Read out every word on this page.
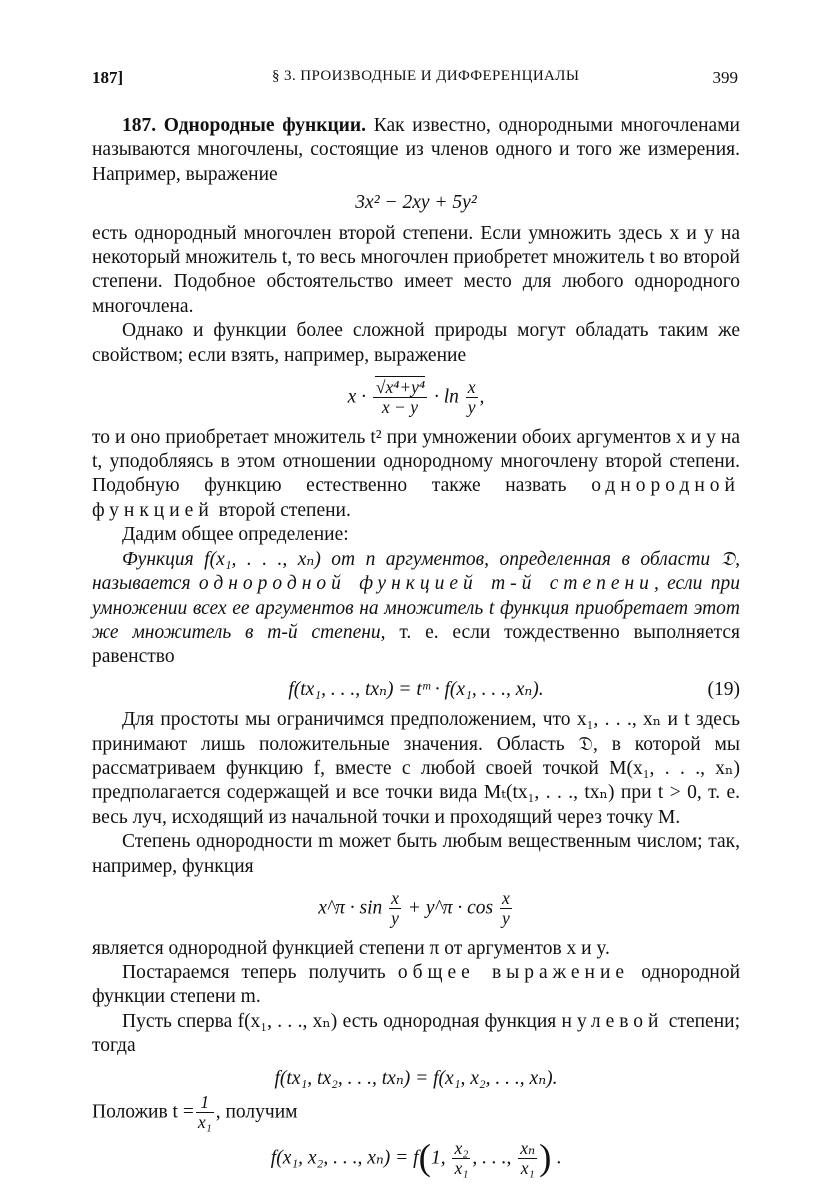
187]	§ 3. ПРОИЗВОДНЫЕ И ДИФФЕРЕНЦИАЛЫ	399

187. Однородные функции. Как известно, однородными многочленами называются многочлены, состоящие из членов одного и того же измерения. Например, выражение

3x² − 2xy + 5y²

есть однородный многочлен второй степени. Если умножить здесь x и y на некоторый множитель t, то весь многочлен приобретет множитель t во второй степени. Подобное обстоятельство имеет место для любого однородного многочлена.

Однако и функции более сложной природы могут обладать таким же свойством; если взять, например, выражение

$x \cdot \frac{\text{√x⁴+y⁴}}{x - y} \cdot \ln \frac{x}{y}$ ,

то и оно приобретает множитель t² при умножении обоих аргументов x и y на t, уподобляясь в этом отношении однородному многочлену второй степени. Подобную функцию естественно также назвать однородной функцией второй степени.

Дадим общее определение:

Функция f(x₁, . . ., xₙ) от n аргументов, определенная в области 𝔇, называется однородной функцией m-й степени, если при умножении всех ее аргументов на множитель t функция приобретает этот же множитель в m-й степени, т. е. если тождественно выполняется равенство

f(tx₁, . . ., txₙ) = tᵐ · f(x₁, . . ., xₙ).	(19)

Для простоты мы ограничимся предположением, что x₁, . . ., xₙ и t здесь принимают лишь положительные значения. Область 𝔇, в которой мы рассматриваем функцию f, вместе с любой своей точкой M(x₁, . . ., xₙ) предполагается содержащей и все точки вида Mₜ(tx₁, . . ., txₙ) при t > 0, т. е. весь луч, исходящий из начальной точки и проходящий через точку M.

Степень однородности m может быть любым вещественным числом; так, например, функция

x^π · $\sin \frac{x}{y}$ + y^π · $\cos \frac{x}{y}$

является однородной функцией степени π от аргументов x и y.

Постараемся теперь получить общее выражение однородной функции степени m.

Пусть сперва f(x₁, . . ., xₙ) есть однородная функция нулевой степени; тогда

f(tx₁, tx₂, . . ., txₙ) = f(x₁, x₂, . . ., xₙ).

Положив $t = \frac{1}{\text{x₁}}$ , получим

f(x₁, x₂, . . ., xₙ) = f(1, $\frac{\text{x₂}}{\text{x₁}}$ , . . ., $\frac{\text{xₙ}}{\text{x₁}}$ ) .
